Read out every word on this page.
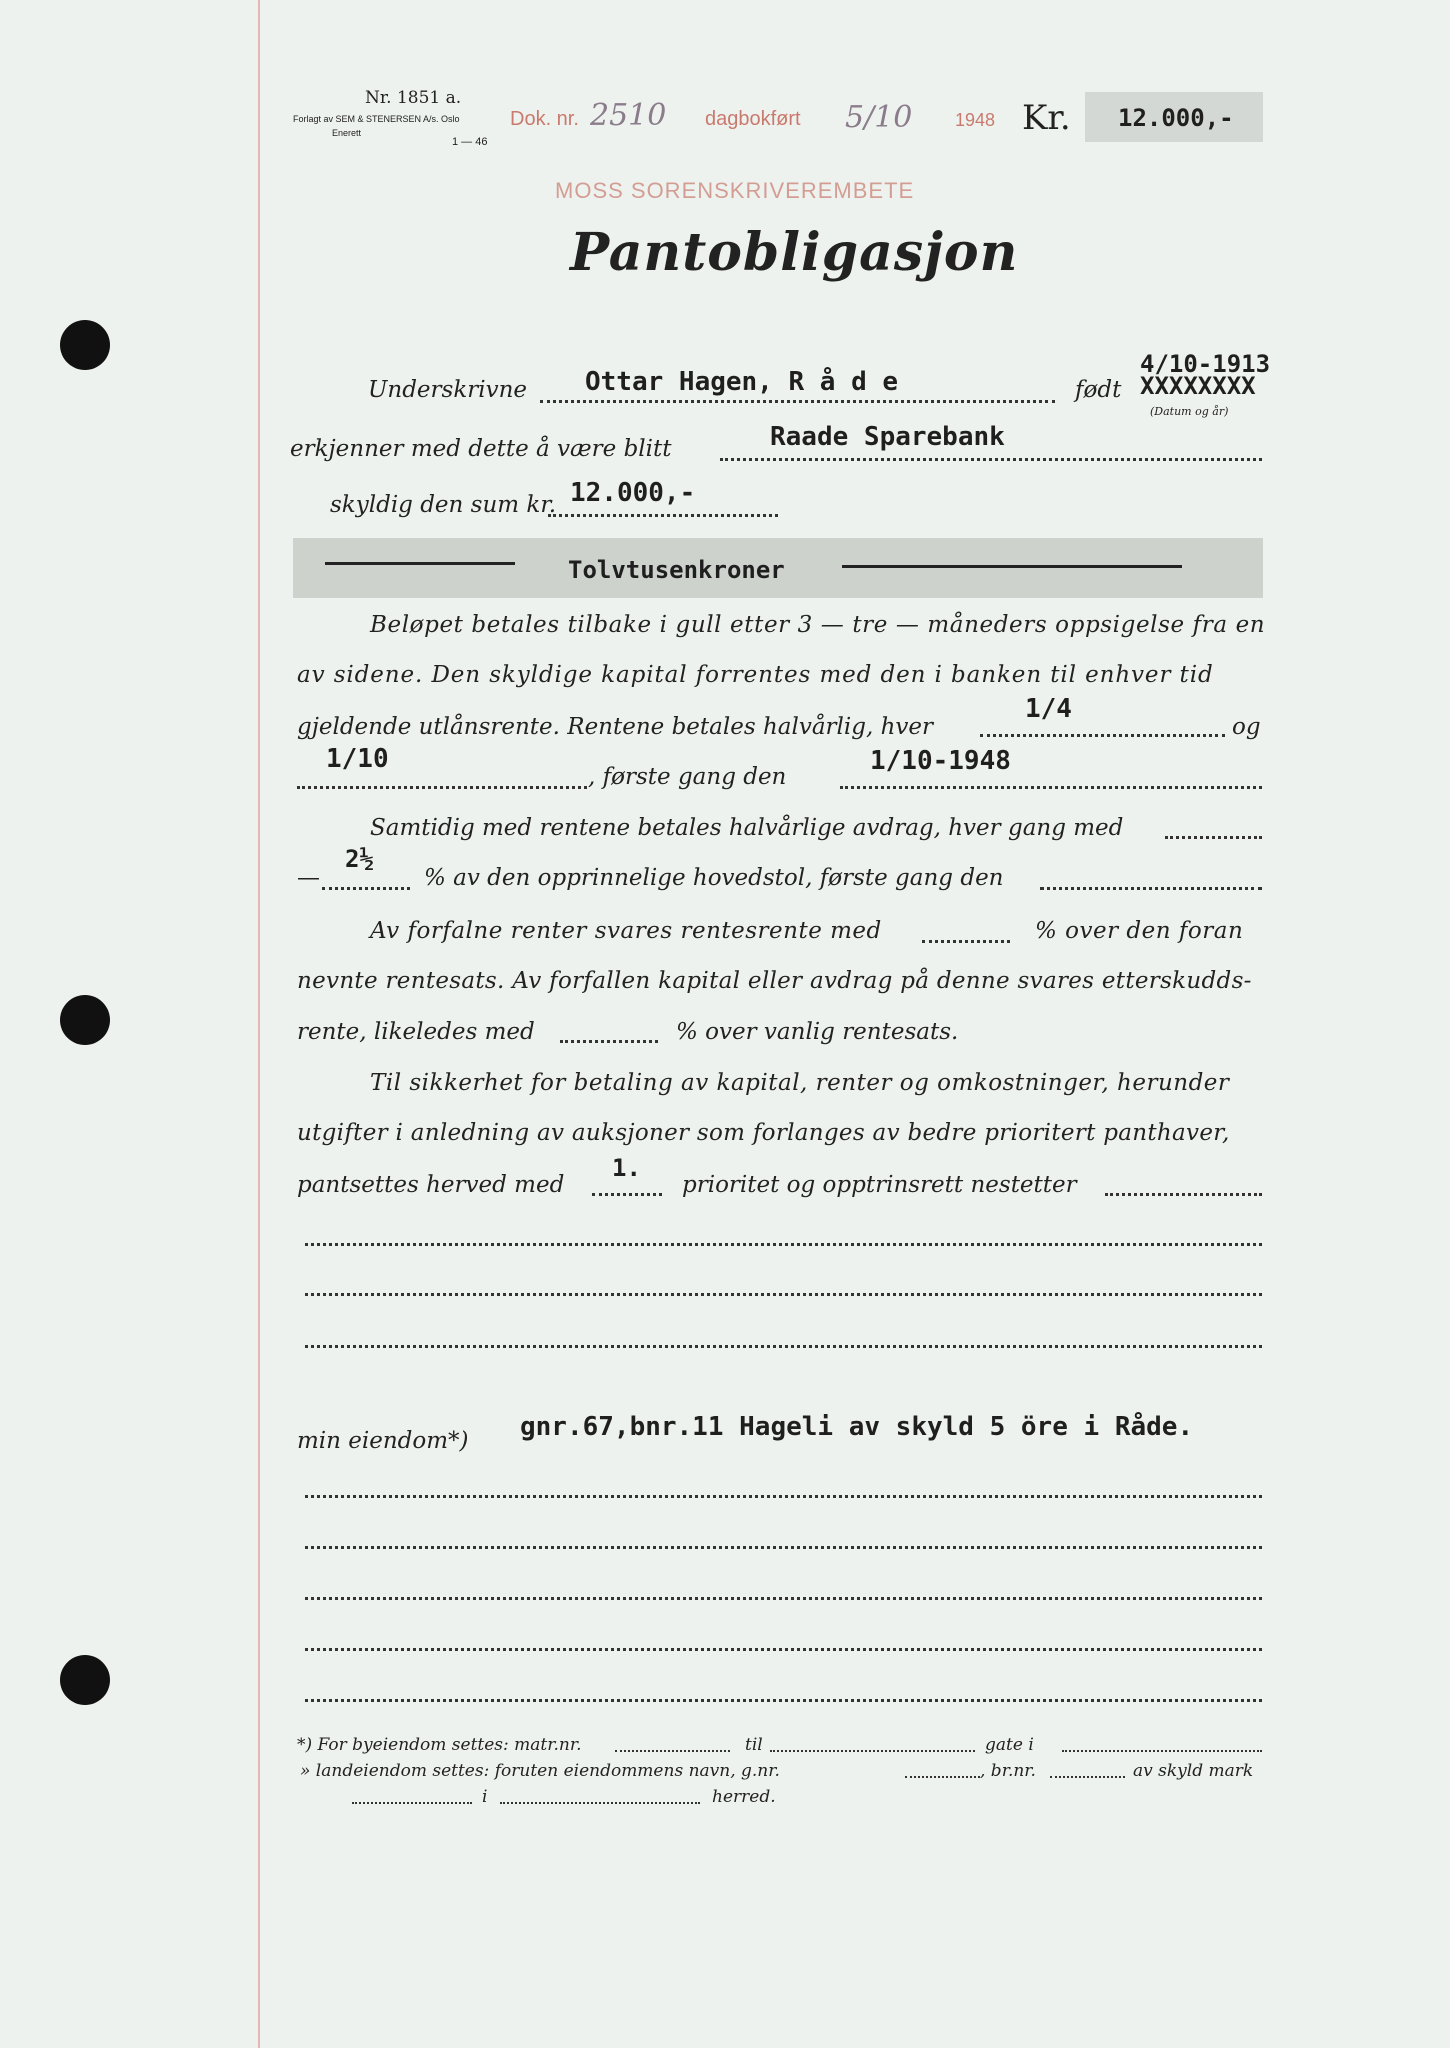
Nr. 1851 a.
Forlagt av SEM & STENERSEN A/s. Oslo
Enerett
1 — 46
Dok. nr. 2510 dagbokført 5/10 1948 Kr. 12.000,-
MOSS SORENSKRIVEREMBETE
Pantobligasjon
Underskrivne Ottar Hagen, R å d e	født
4/10-1913
XXXXXXXX
(Datum og år)
erkjenner med dette å være blitt	Raade Sparebank
skyldig den sum kr. 12.000,-
Tolvtusenkroner
Beløpet betales tilbake i gull etter 3 — tre — måneders oppsigelse fra en
av sidene. Den skyldige kapital forrentes med den i banken til enhver tid
gjeldende utlånsrente. Rentene betales halvårlig, hver
1/4
og
1/10
, første gang den
1/10-1948
Samtidig med rentene betales halvårlige avdrag, hver gang med
—
2½
% av den opprinnelige hovedstol, første gang den
Av forfalne renter svares rentesrente med	% over den foran
nevnte rentesats. Av forfallen kapital eller avdrag på denne svares etterskudds-
rente, likeledes med	% over vanlig rentesats.
Til sikkerhet for betaling av kapital, renter og omkostninger, herunder
utgifter i anledning av auksjoner som forlanges av bedre prioritert panthaver,
pantsettes herved med
1.
prioritet og opptrinsrett nestetter
min eiendom*) gnr.67,bnr.11 Hageli av skyld 5 öre i Råde.
*) For byeiendom settes: matr.nr.	til	gate i
» landeiendom settes: foruten eiendommens navn, g.nr.	, br.nr.	av skyld mark
i	herred.
